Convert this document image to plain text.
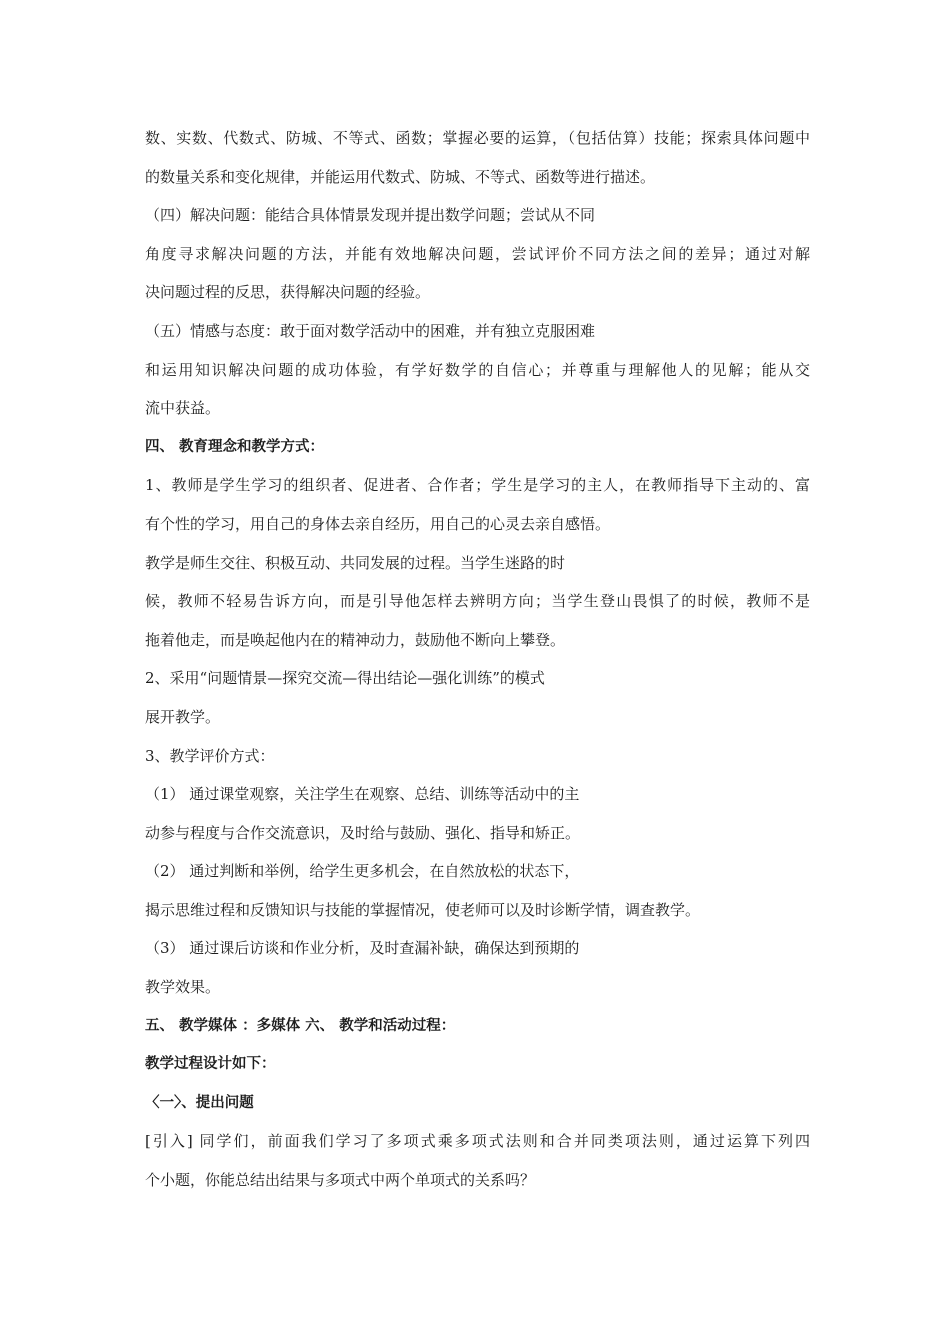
数、实数、代数式、防城、不等式、函数；掌握必要的运算，（包括估算）技能；探索具体问题中
的数量关系和变化规律，并能运用代数式、防城、不等式、函数等进行描述。
（四）解决问题：能结合具体情景发现并提出数学问题；尝试从不同
角度寻求解决问题的方法，并能有效地解决问题，尝试评价不同方法之间的差异；通过对解
决问题过程的反思，获得解决问题的经验。
（五）情感与态度：敢于面对数学活动中的困难，并有独立克服困难
和运用知识解决问题的成功体验，有学好数学的自信心；并尊重与理解他人的见解；能从交
流中获益。
四、 教育理念和教学方式：
1、教师是学生学习的组织者、促进者、合作者；学生是学习的主人，在教师指导下主动的、富
有个性的学习，用自己的身体去亲自经历，用自己的心灵去亲自感悟。
教学是师生交往、积极互动、共同发展的过程。当学生迷路的时
候，教师不轻易告诉方向，而是引导他怎样去辨明方向；当学生登山畏惧了的时候，教师不是
拖着他走，而是唤起他内在的精神动力，鼓励他不断向上攀登。
2、采用“问题情景—探究交流—得出结论—强化训练”的模式
展开教学。
3、教学评价方式：
（1） 通过课堂观察，关注学生在观察、总结、训练等活动中的主
动参与程度与合作交流意识，及时给与鼓励、强化、指导和矫正。
（2） 通过判断和举例，给学生更多机会，在自然放松的状态下，
揭示思维过程和反馈知识与技能的掌握情况，使老师可以及时诊断学情，调查教学。
（3） 通过课后访谈和作业分析，及时查漏补缺，确保达到预期的
教学效果。
五、 教学媒体 ：多媒体 六、 教学和活动过程：
教学过程设计如下：
〈一〉、提出问题
[引入] 同学们，前面我们学习了多项式乘多项式法则和合并同类项法则，通过运算下列四
个小题，你能总结出结果与多项式中两个单项式的关系吗？
